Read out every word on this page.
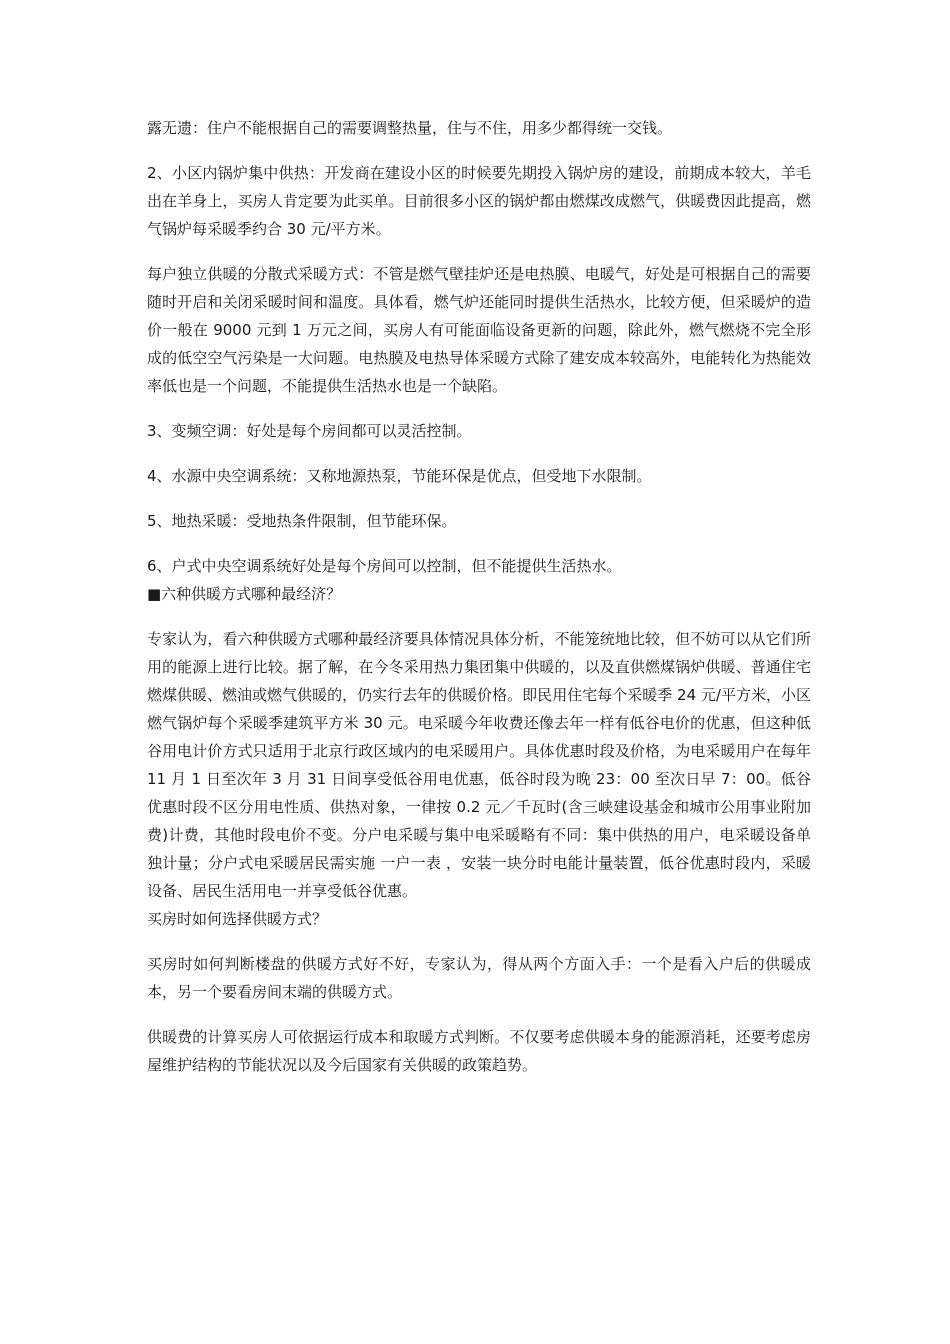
露无遗：住户不能根据自己的需要调整热量，住与不住，用多少都得统一交钱。

2、小区内锅炉集中供热：开发商在建设小区的时候要先期投入锅炉房的建设，前期成本较大，羊毛出在羊身上，买房人肯定要为此买单。目前很多小区的锅炉都由燃煤改成燃气，供暖费因此提高，燃气锅炉每采暖季约合 30 元/平方米。

每户独立供暖的分散式采暖方式：不管是燃气壁挂炉还是电热膜、电暖气，好处是可根据自己的需要随时开启和关闭采暖时间和温度。具体看，燃气炉还能同时提供生活热水，比较方便，但采暖炉的造价一般在 9000 元到 1 万元之间，买房人有可能面临设备更新的问题，除此外，燃气燃烧不完全形成的低空空气污染是一大问题。电热膜及电热导体采暖方式除了建安成本较高外，电能转化为热能效率低也是一个问题，不能提供生活热水也是一个缺陷。

3、变频空调：好处是每个房间都可以灵活控制。

4、水源中央空调系统：又称地源热泵，节能环保是优点，但受地下水限制。

5、地热采暖：受地热条件限制，但节能环保。

6、户式中央空调系统好处是每个房间可以控制，但不能提供生活热水。

■六种供暖方式哪种最经济？

专家认为，看六种供暖方式哪种最经济要具体情况具体分析，不能笼统地比较，但不妨可以从它们所用的能源上进行比较。据了解，在今冬采用热力集团集中供暖的，以及直供燃煤锅炉供暖、普通住宅燃煤供暖、燃油或燃气供暖的，仍实行去年的供暖价格。即民用住宅每个采暖季 24 元/平方米，小区燃气锅炉每个采暖季建筑平方米 30 元。电采暖今年收费还像去年一样有低谷电价的优惠，但这种低谷用电计价方式只适用于北京行政区域内的电采暖用户。具体优惠时段及价格，为电采暖用户在每年 11 月 1 日至次年 3 月 31 日间享受低谷用电优惠，低谷时段为晚 23：00 至次日早 7：00。低谷优惠时段不区分用电性质、供热对象，一律按 0.2 元／千瓦时(含三峡建设基金和城市公用事业附加费)计费，其他时段电价不变。分户电采暖与集中电采暖略有不同：集中供热的用户，电采暖设备单独计量；分户式电采暖居民需实施 一户一表 ，安装一块分时电能计量装置，低谷优惠时段内，采暖设备、居民生活用电一并享受低谷优惠。

买房时如何选择供暖方式？

买房时如何判断楼盘的供暖方式好不好，专家认为，得从两个方面入手：一个是看入户后的供暖成本，另一个要看房间末端的供暖方式。

供暖费的计算买房人可依据运行成本和取暖方式判断。不仅要考虑供暖本身的能源消耗，还要考虑房屋维护结构的节能状况以及今后国家有关供暖的政策趋势。
